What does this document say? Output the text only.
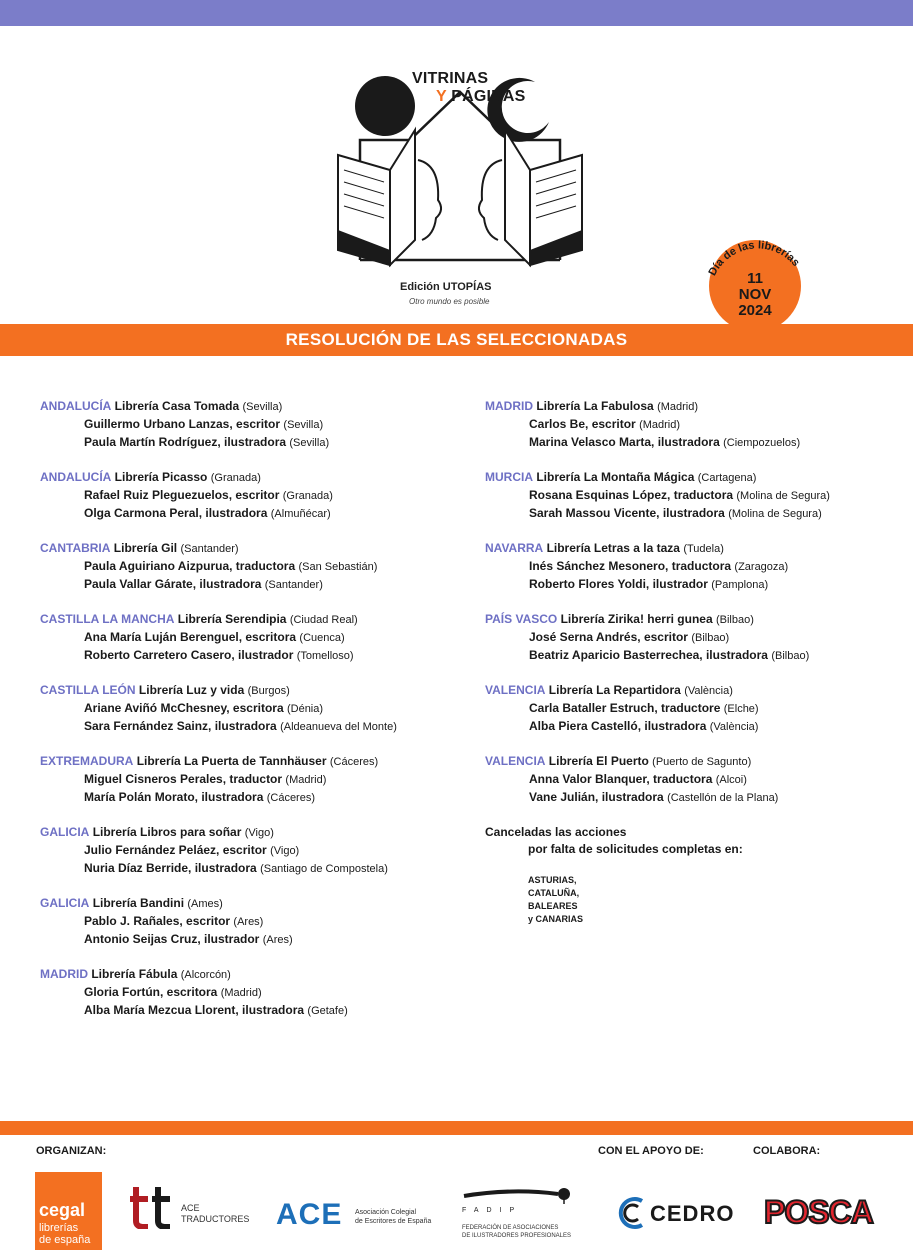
VITRINAS
Y PÁGINAS
Edición UTOPÍAS
Otro mundo es posible
Día de las librerías
11
NOV
2024
RESOLUCIÓN DE LAS SELECCIONADAS
ANDALUCÍA Librería Casa Tomada (Sevilla)
Guillermo Urbano Lanzas, escritor (Sevilla)
Paula Martín Rodríguez, ilustradora (Sevilla)
ANDALUCÍA Librería Picasso (Granada)
Rafael Ruiz Pleguezuelos, escritor (Granada)
Olga Carmona Peral, ilustradora (Almuñécar)
CANTABRIA Librería Gil (Santander)
Paula Aguiriano Aizpurua, traductora (San Sebastián)
Paula Vallar Gárate, ilustradora (Santander)
CASTILLA LA MANCHA Librería Serendipia (Ciudad Real)
Ana María Luján Berenguel, escritora (Cuenca)
Roberto Carretero Casero, ilustrador (Tomelloso)
CASTILLA LEÓN Librería Luz y vida (Burgos)
Ariane Aviñó McChesney, escritora (Dénia)
Sara Fernández Sainz, ilustradora (Aldeanueva del Monte)
EXTREMADURA Librería La Puerta de Tannhäuser (Cáceres)
Miguel Cisneros Perales, traductor (Madrid)
María Polán Morato, ilustradora (Cáceres)
GALICIA Librería Libros para soñar (Vigo)
Julio Fernández Peláez, escritor (Vigo)
Nuria Díaz Berride, ilustradora (Santiago de Compostela)
GALICIA Librería Bandini (Ames)
Pablo J. Rañales, escritor (Ares)
Antonio Seijas Cruz, ilustrador (Ares)
MADRID Librería Fábula (Alcorcón)
Gloria Fortún, escritora (Madrid)
Alba María Mezcua Llorent, ilustradora (Getafe)
MADRID Librería La Fabulosa (Madrid)
Carlos Be, escritor (Madrid)
Marina Velasco Marta, ilustradora (Ciempozuelos)
MURCIA Librería La Montaña Mágica (Cartagena)
Rosana Esquinas López, traductora (Molina de Segura)
Sarah Massou Vicente, ilustradora (Molina de Segura)
NAVARRA Librería Letras a la taza (Tudela)
Inés Sánchez Mesonero, traductora (Zaragoza)
Roberto Flores Yoldi, ilustrador (Pamplona)
PAÍS VASCO Librería Zirika! herri gunea (Bilbao)
José Serna Andrés, escritor (Bilbao)
Beatriz Aparicio Basterrechea, ilustradora (Bilbao)
VALENCIA Librería La Repartidora (València)
Carla Bataller Estruch, traductore (Elche)
Alba Piera Castelló, ilustradora (València)
VALENCIA Librería El Puerto (Puerto de Sagunto)
Anna Valor Blanquer, traductora (Alcoi)
Vane Julián, ilustradora (Castellón de la Plana)
Canceladas las acciones
por falta de solicitudes completas en:
ASTURIAS,
CATALUÑA,
BALEARES
y CANARIAS
ORGANIZAN:	CON EL APOYO DE:	COLABORA:
cegal
librerías
de españa
ACE
TRADUCTORES ACE Asociación Colegial
de Escritores de España
FADIP
FEDERACIÓN DE ASOCIACIONES
DE ILUSTRADORES PROFESIONALES
CEDRO POSCA
